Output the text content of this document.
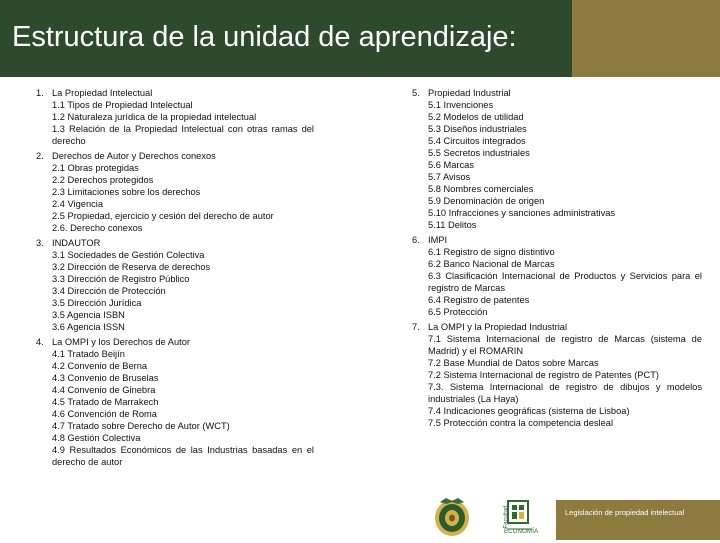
Estructura de la unidad de aprendizaje:
1. La Propiedad Intelectual
1.1 Tipos de Propiedad Intelectual
1.2 Naturaleza jurídica de la propiedad intelectual
1.3 Relación de la Propiedad Intelectual con otras ramas del derecho
2. Derechos de Autor y Derechos conexos
2.1 Obras protegidas
2.2 Derechos protegidos
2.3 Limitaciones sobre los derechos
2.4 Vigencia
2.5 Propiedad, ejercicio y cesión del derecho de autor
2.6. Derecho conexos
3. INDAUTOR
3.1 Sociedades de Gestión Colectiva
3.2 Dirección de Reserva de derechos
3.3 Dirección de Registro Público
3.4 Dirección de Protección
3.5 Dirección Jurídica
3.5 Agencia ISBN
3.6 Agencia ISSN
4. La OMPI y los Derechos de Autor
4.1 Tratado Beijín
4.2 Convenio de Berna
4.3 Convenio de Bruselas
4.4 Convenio de Ginebra
4.5 Tratado de Marrakech
4.6 Convención de Roma
4.7 Tratado sobre Derecho de Autor (WCT)
4.8 Gestión Colectiva
4.9 Resultados Económicos de las Industrias basadas en el derecho de autor
5. Propiedad Industrial
5.1 Invenciones
5.2 Modelos de utilidad
5.3 Diseños industriales
5.4 Circuitos integrados
5.5 Secretos industriales
5.6 Marcas
5.7 Avisos
5.8 Nombres comerciales
5.9 Denominación de origen
5.10 Infracciones y sanciones administrativas
5.11 Delitos
6. IMPI
6.1 Registro de signo distintivo
6.2 Banco Nacional de Marcas
6.3 Clasificación Internacional de Productos y Servicios para el registro de Marcas
6.4 Registro de patentes
6.5 Protección
7. La OMPI y la Propiedad Industrial
7.1 Sistema Internacional de registro de Marcas (sistema de Madrid) y el ROMARIN
7.2 Base Mundial de Datos sobre Marcas
7.2 Sistema Internacional de registro de Patentes (PCT)
7.3. Sistema Internacional de registro de dibujos y modelos industriales (La Haya)
7.4 Indicaciones geográficas (sistema de Lisboa)
7.5 Protección contra la competencia desleal
Facultad
ECONOMÍA
Legislación de propiedad intelectual
